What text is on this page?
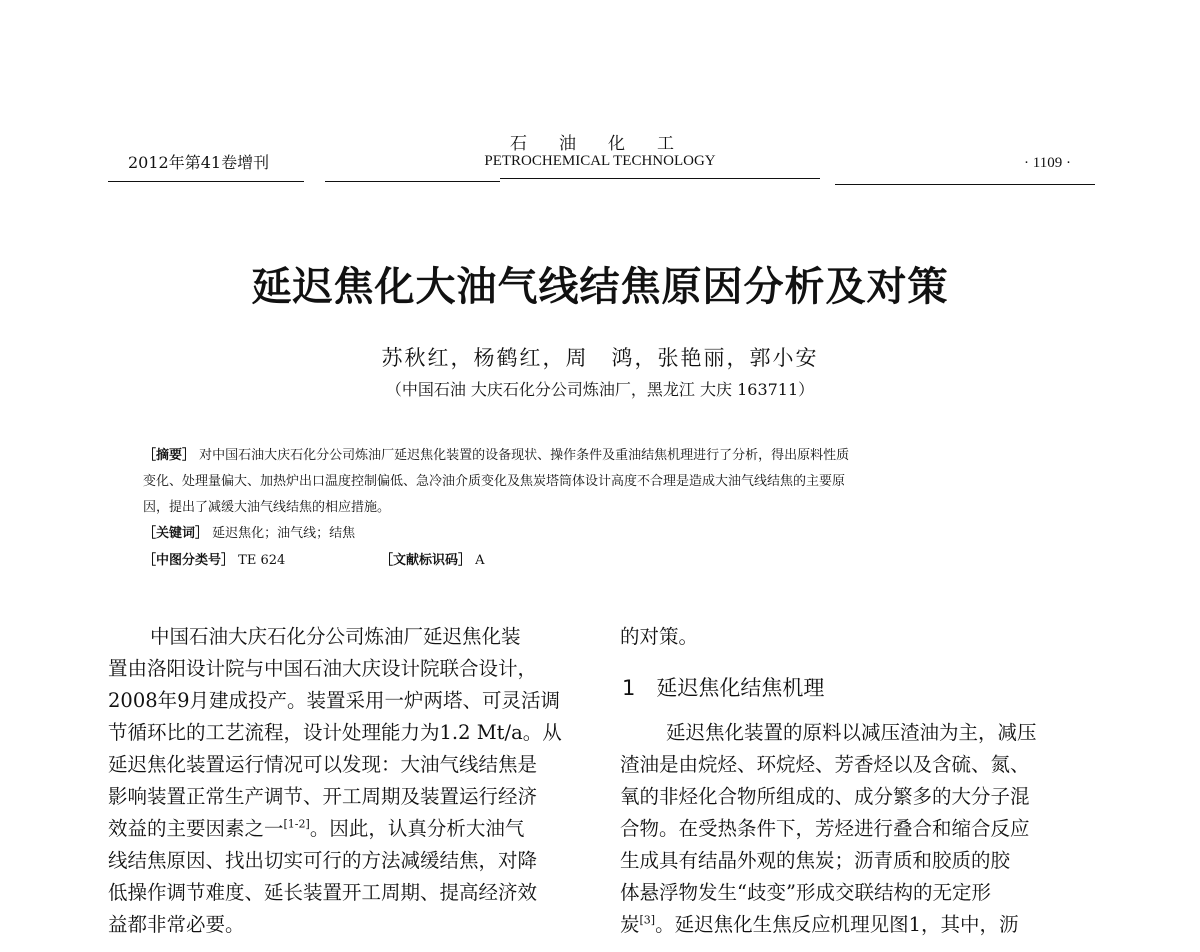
2012年第41卷增刊
石油化工
PETROCHEMICAL TECHNOLOGY	· 1109 ·
延迟焦化大油气线结焦原因分析及对策
苏秋红，杨鹤红，周　鸿，张艳丽，郭小安
（中国石油 大庆石化分公司炼油厂，黑龙江 大庆 163711）
［摘要］ 对中国石油大庆石化分公司炼油厂延迟焦化装置的设备现状、操作条件及重油结焦机理进行了分析，得出原料性质
变化、处理量偏大、加热炉出口温度控制偏低、急冷油介质变化及焦炭塔筒体设计高度不合理是造成大油气线结焦的主要原
因，提出了减缓大油气线结焦的相应措施。
［关键词］ 延迟焦化；油气线；结焦
［中图分类号］ TE 624	［文献标识码］ A
中国石油大庆石化分公司炼油厂延迟焦化装
置由洛阳设计院与中国石油大庆设计院联合设计，
2008年9月建成投产。装置采用一炉两塔、可灵活调
节循环比的工艺流程，设计处理能力为1.2 Mt/a。从
延迟焦化装置运行情况可以发现：大油气线结焦是
影响装置正常生产调节、开工周期及装置运行经济
效益的主要因素之一[1-2]。因此，认真分析大油气
线结焦原因、找出切实可行的方法减缓结焦，对降
低操作调节难度、延长装置开工周期、提高经济效
益都非常必要。
的对策。
1　延迟焦化结焦机理
延迟焦化装置的原料以减压渣油为主，减压
渣油是由烷烃、环烷烃、芳香烃以及含硫、氮、
氧的非烃化合物所组成的、成分繁多的大分子混
合物。在受热条件下，芳烃进行叠合和缩合反应
生成具有结晶外观的焦炭；沥青质和胶质的胶
体悬浮物发生“歧变”形成交联结构的无定形
炭[3]。延迟焦化生焦反应机理见图1，其中，沥
